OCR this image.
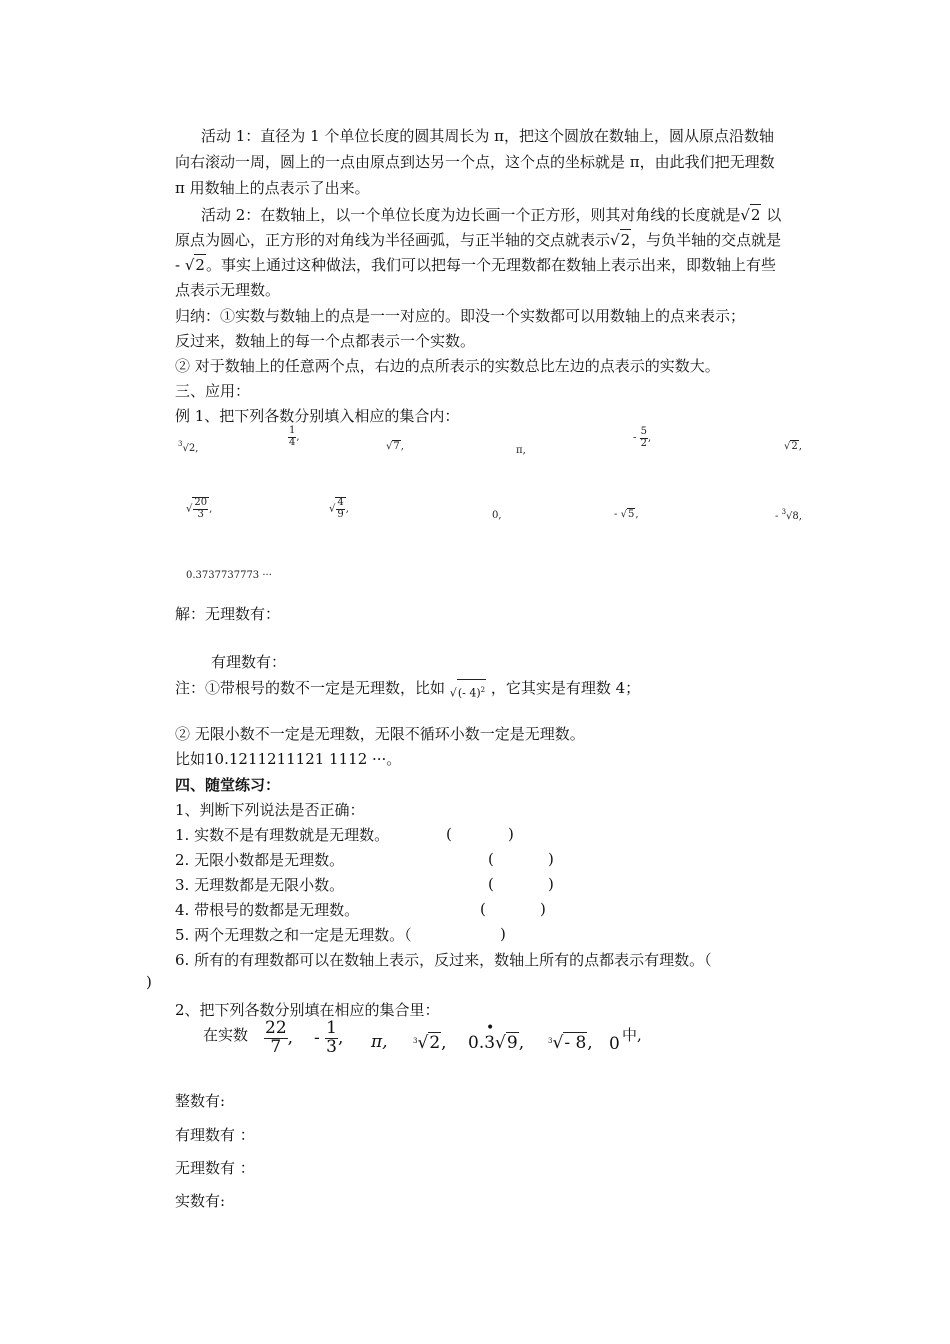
活动 1：直径为 1 个单位长度的圆其周长为 π，把这个圆放在数轴上，圆从原点沿数轴
向右滚动一周，圆上的一点由原点到达另一个点，这个点的坐标就是 π，由此我们把无理数
π 用数轴上的点表示了出来。
活动 2：在数轴上，以一个单位长度为边长画一个正方形，则其对角线的长度就是√2 以
原点为圆心，正方形的对角线为半径画弧，与正半轴的交点就表示√2，与负半轴的交点就是
- √2。事实上通过这种做法，我们可以把每一个无理数都在数轴上表示出来，即数轴上有些
点表示无理数。
归纳：①实数与数轴上的点是一一对应的。即没一个实数都可以用数轴上的点来表示；
反过来，数轴上的每一个点都表示一个实数。
② 对于数轴上的任意两个点，右边的点所表示的实数总比左边的点表示的实数大。
三、应用：
例 1、把下列各数分别填入相应的集合内：
$^3$√2,
$\frac{1}{4}$ ,
√7,	π,
- $\frac{5}{2}$ ,
√2,
√ $\frac{20}{3}$ ,	√ $\frac{4}{9}$ ,
0,	- √5,	- $^3$√8,
0.3737737773 ···
解：无理数有：
有理数有：
注：①带根号的数不一定是无理数，比如 √(- 4)$^2$ ，它其实是有理数 4；
② 无限小数不一定是无理数，无限不循环小数一定是无理数。
比如10.1211211121 1112 ···。
四、随堂练习：
1、判断下列说法是否正确：
1. 实数不是有理数就是无理数。	(	)
2. 无限小数都是无理数。	(	)
3. 无理数都是无限小数。	(	)
4. 带根号的数都是无理数。	(	)
5. 两个无理数之和一定是无理数。（	)
6. 所有的有理数都可以在数轴上表示，反过来，数轴上所有的点都表示有理数。（
)
2、把下列各数分别填在相应的集合里：
在实数 $\frac{22}{7}$ , - $\frac{1}{3}$ , π,	$^3$√2, 0.3√9,
•
$^3$√- 8, 0 中,
整数有:
有理数有 ：
无理数有 ：
实数有:
